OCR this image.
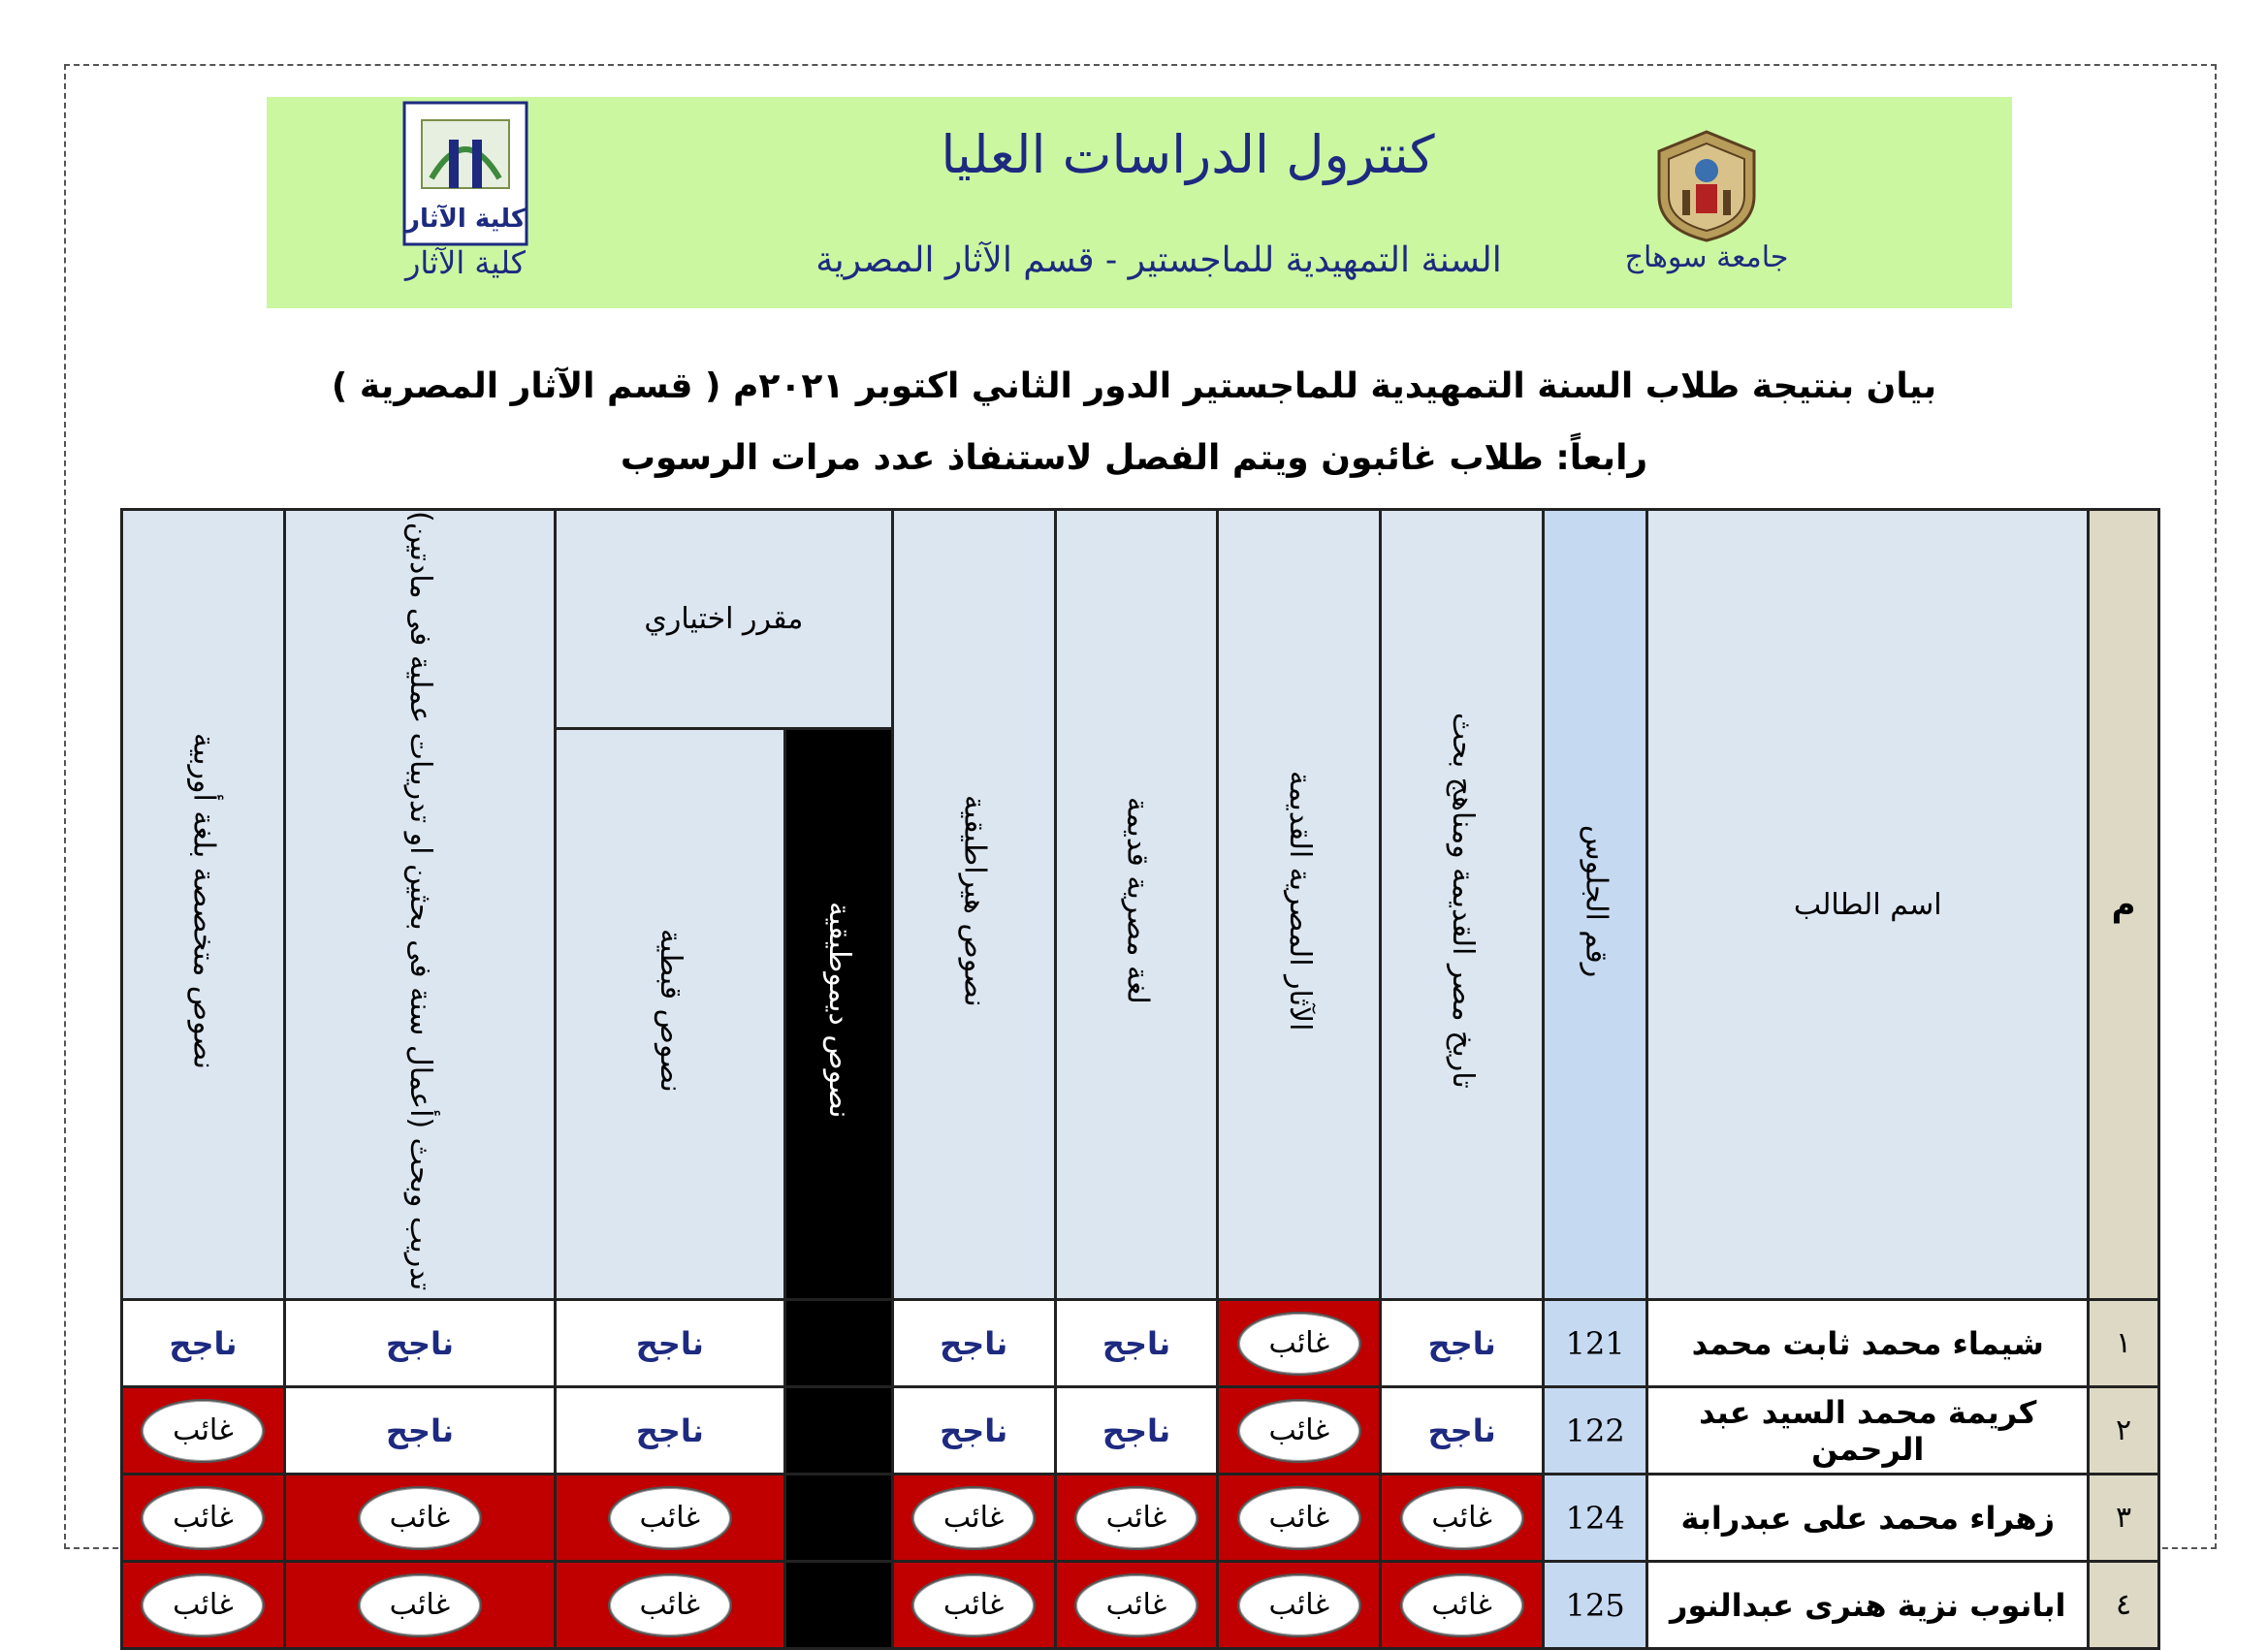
كلية الآثار
كلية الآثار
كنترول الدراسات العليا
السنة التمهيدية للماجستير - قسم الآثار المصرية	جامعة سوهاج
بيان بنتيجة طلاب السنة التمهيدية للماجستير الدور الثاني اكتوبر ٢٠٢١م ( قسم الآثار المصرية )
رابعاً: طلاب غائبون ويتم الفصل لاستنفاذ عدد مرات الرسوب
م	اسم الطالب	رقم الجلوس	تاريخ مصر القديمة ومناهج بحث	الآثار المصرية القديمة	لغة مصرية قديمة	نصوص هيراطيقية	مقرر اختياري		تدريب وبحث (أعمال سنة فى بحثين او تدريبات عملية فى مادتين)	نصوص متخصصة بلغة أوربية
							نصوص ديموطيقية	نصوص قبطية		
١	شيماء محمد ثابت محمد	121	ناجح	غائب	ناجح	ناجح		ناجح	ناجح	ناجح
٢	كريمة محمد السيد عبد الرحمن	122	ناجح	غائب	ناجح	ناجح		ناجح	ناجح	غائب
٣	زهراء محمد على عبدرابة	124	غائب	غائب	غائب	غائب		غائب	غائب	غائب
٤	ابانوب نزية هنرى عبدالنور	125	غائب	غائب	غائب	غائب		غائب	غائب	غائب
